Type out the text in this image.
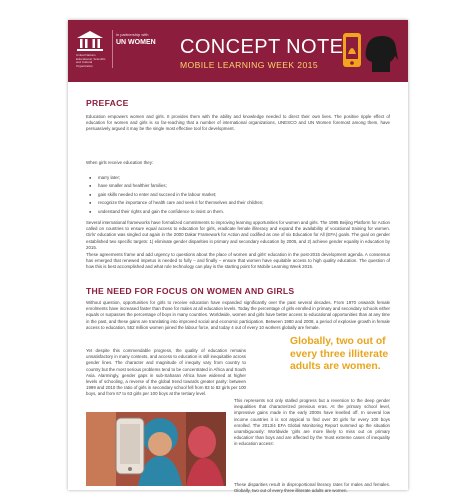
United Nations Educational, Scientific and Cultural Organization
in partnership with
UN WOMEN	CONCEPT NOTE
MOBILE LEARNING WEEK 2015
PREFACE

Education empowers women and girls. It provides them with the ability and knowledge needed to direct their own lives. The positive ripple effect of education for women and girls is so far-reaching that a number of international organizations, UNESCO and UN Women foremost among them, have persuasively argued it may be the single most effective tool for development.

When girls receive education they:

● marry later;
● have smaller and healthier families;
● gain skills needed to enter and succeed in the labour market;
● recognize the importance of health care and seek it for themselves and their children;
● understand their rights and gain the confidence to insist on them.

Several international frameworks have formalized commitments to improving learning opportunities for women and girls. The 1995 Beijing Platform for Action called on countries to ensure equal access to education for girls, eradicate female illiteracy and expand the availability of vocational training for women. Girls' education was singled out again in the 2000 Dakar Framework for Action and codified as one of six Education for All (EFA) goals. The goal on gender established two specific targets: 1) eliminate gender disparities in primary and secondary education by 2005, and 2) achieve gender equality in education by 2015.

These agreements frame and add urgency to questions about the place of women and girls' education in the post-2015 development agenda. A consensus has emerged that renewed impetus is needed to fully – and finally – ensure that women have equitable access to high quality education. The question of how this is best accomplished and what role technology can play is the starting point for Mobile Learning Week 2015.

THE NEED FOR FOCUS ON WOMEN AND GIRLS

Without question, opportunities for girls to receive education have expanded significantly over the past several decades. From 1970 onwards female enrolments have increased faster than those for males at all education levels. Today the percentage of girls enrolled in primary and secondary schools either equals or surpasses the percentage of boys in many countries. Worldwide, women and girls have better access to educational opportunities than at any time in the past, and these gains are translating into improved social and economic participation. Between 1980 and 2008, a period of explosive growth in female access to education, 552 million women joined the labour force, and today 4 out of every 10 workers globally are female.

Yet despite this commendable progress, the quality of education remains unsatisfactory in many contexts, and access to education is still inequitable across gender lines. The character and magnitude of inequity vary from country to country but the most serious problems tend to be concentrated in Africa and South Asia. Alarmingly, gender gaps in sub-Saharan Africa have widened at higher levels of schooling, a reverse of the global trend towards greater parity: between 1999 and 2010 the ratio of girls in secondary school fell from 83 to 82 girls per 100 boys, and from 67 to 63 girls per 100 boys at the tertiary level.

Globally, two out of every three illiterate adults are women.

This represents not only stalled progress but a reversion to the deep gender inequalities that characterized previous eras. At the primary school level, impressive gains made in the early 2000s have levelled off. In several low income countries it is not atypical to find over 30 girls for every 100 boys enrolled. The 2013/4 EFA Global Monitoring Report summed up the situation unambiguously: Worldwide 'girls are more likely to miss out on primary education' than boys and are affected by the 'most extreme cases of inequality in education access'.

These disparities result in disproportional literacy rates for males and females. Globally, two out of every three illiterate adults are women.
